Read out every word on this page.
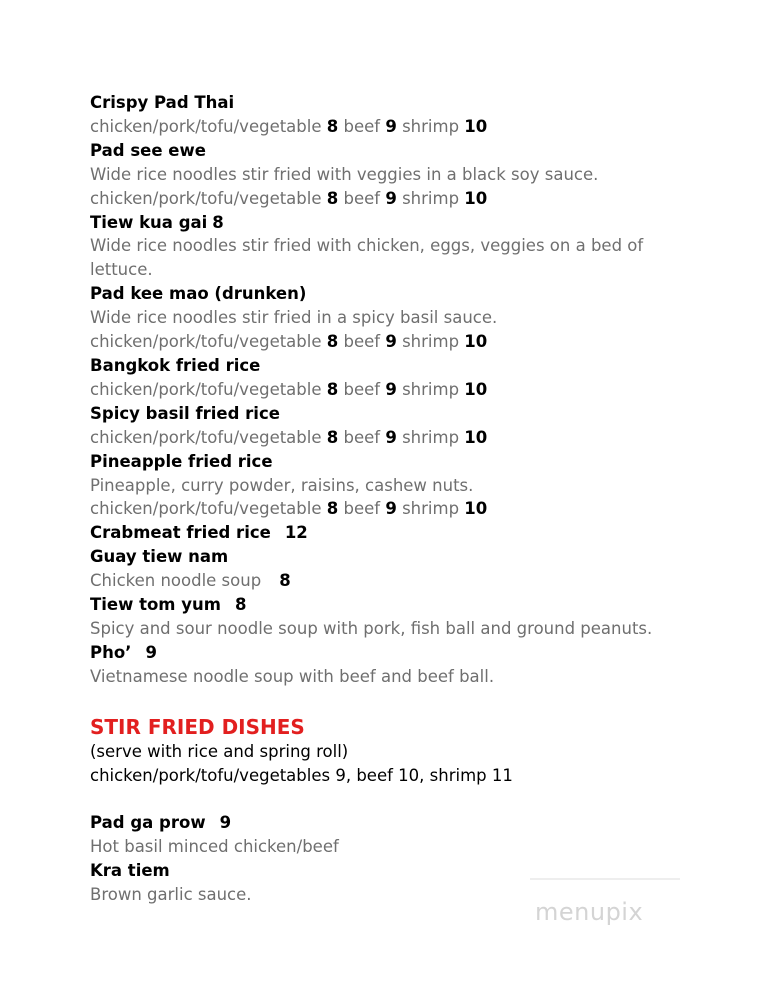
Crispy Pad Thai
chicken/pork/tofu/vegetable 8 beef 9 shrimp 10
Pad see ewe
Wide rice noodles stir fried with veggies in a black soy sauce.
chicken/pork/tofu/vegetable 8 beef 9 shrimp 10
Tiew kua gai 8
Wide rice noodles stir fried with chicken, eggs, veggies on a bed of
lettuce.
Pad kee mao (drunken)
Wide rice noodles stir fried in a spicy basil sauce.
chicken/pork/tofu/vegetable 8 beef 9 shrimp 10
Bangkok fried rice
chicken/pork/tofu/vegetable 8 beef 9 shrimp 10
Spicy basil fried rice
chicken/pork/tofu/vegetable 8 beef 9 shrimp 10
Pineapple fried rice
Pineapple, curry powder, raisins, cashew nuts.
chicken/pork/tofu/vegetable 8 beef 9 shrimp 10
Crabmeat fried rice 12
Guay tiew nam
Chicken noodle soup 8
Tiew tom yum 8
Spicy and sour noodle soup with pork, fish ball and ground peanuts.
Pho’ 9
Vietnamese noodle soup with beef and beef ball.
STIR FRIED DISHES
(serve with rice and spring roll)
chicken/pork/tofu/vegetables 9, beef 10, shrimp 11
Pad ga prow 9
Hot basil minced chicken/beef
Kra tiem
Brown garlic sauce.
menupix
